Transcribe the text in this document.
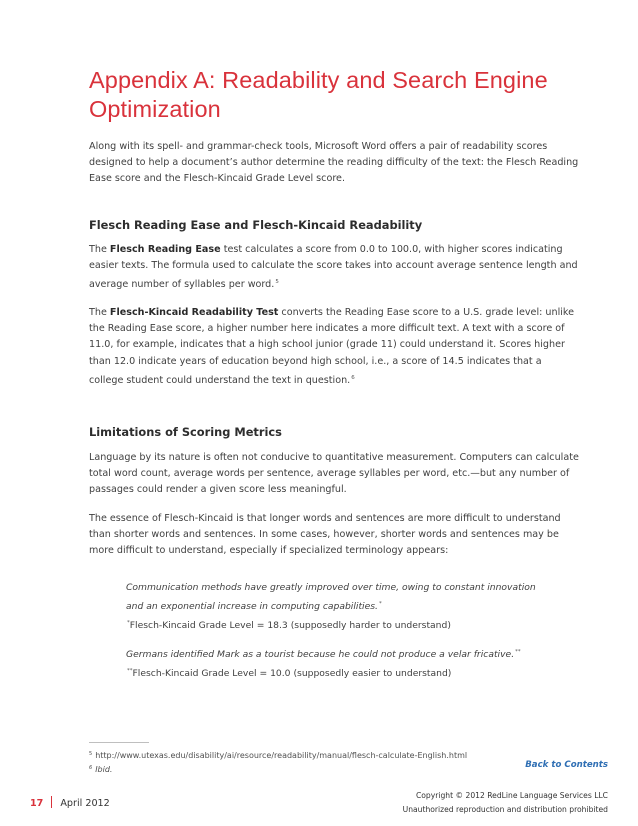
Appendix A: Readability and Search Engine Optimization

Along with its spell- and grammar-check tools, Microsoft Word offers a pair of readability scores designed to help a document’s author determine the reading difficulty of the text: the Flesch Reading Ease score and the Flesch-Kincaid Grade Level score.

Flesch Reading Ease and Flesch-Kincaid Readability

The Flesch Reading Ease test calculates a score from 0.0 to 100.0, with higher scores indicating easier texts. The formula used to calculate the score takes into account average sentence length and average number of syllables per word.$^5$

The Flesch-Kincaid Readability Test converts the Reading Ease score to a U.S. grade level: unlike the Reading Ease score, a higher number here indicates a more difficult text. A text with a score of 11.0, for example, indicates that a high school junior (grade 11) could understand it. Scores higher than 12.0 indicate years of education beyond high school, i.e., a score of 14.5 indicates that a college student could understand the text in question.$^6$

Limitations of Scoring Metrics

Language by its nature is often not conducive to quantitative measurement. Computers can calculate total word count, average words per sentence, average syllables per word, etc.—but any number of passages could render a given score less meaningful.

The essence of Flesch-Kincaid is that longer words and sentences are more difficult to understand than shorter words and sentences. In some cases, however, shorter words and sentences may be more difficult to understand, especially if specialized terminology appears:

Communication methods have greatly improved over time, owing to constant innovation and an exponential increase in computing capabilities.*
*Flesch-Kincaid Grade Level = 18.3 (supposedly harder to understand)
Germans identified Mark as a tourist because he could not produce a velar fricative.**
**Flesch-Kincaid Grade Level = 10.0 (supposedly easier to understand)
$^5$ http://www.utexas.edu/disability/ai/resource/readability/manual/flesch-calculate-English.html
$^6$ Ibid.	Back to Contents
17 April 2012
Copyright © 2012 RedLine Language Services LLC
Unauthorized reproduction and distribution prohibited
